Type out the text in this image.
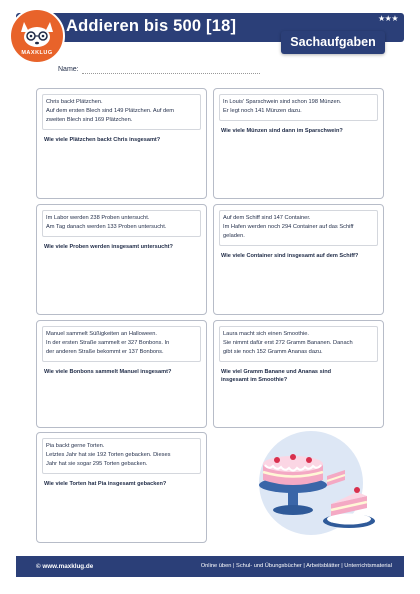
Addieren bis 500 [18]	★★★
Sachaufgaben
MAXKLUG
Name:
Chris backt Plätzchen.
Auf dem ersten Blech sind 149 Plätzchen. Auf dem
zweiten Blech sind 169 Plätzchen.
Wie viele Plätzchen backt Chris insgesamt?
In Louis' Sparschwein sind schon 198 Münzen.
Er legt noch 141 Münzen dazu.
Wie viele Münzen sind dann im Sparschwein?
Im Labor werden 238 Proben untersucht.
Am Tag danach werden 133 Proben untersucht.
Wie viele Proben werden insgesamt untersucht?
Auf dem Schiff sind 147 Container.
Im Hafen werden noch 294 Container auf das Schiff
geladen.
Wie viele Container sind insgesamt auf dem Schiff?
Manuel sammelt Süßigkeiten an Halloween.
In der ersten Straße sammelt er 327 Bonbons. In
der anderen Straße bekommt er 137 Bonbons.
Wie viele Bonbons sammelt Manuel insgesamt?
Laura macht sich einen Smoothie.
Sie nimmt dafür erst 272 Gramm Bananen. Danach
gibt sie noch 152 Gramm Ananas dazu.
Wie viel Gramm Banane und Ananas sind
insgesamt im Smoothie?
Pia backt gerne Torten.
Letztes Jahr hat sie 192 Torten gebacken. Dieses
Jahr hat sie sogar 295 Torten gebacken.
Wie viele Torten hat Pia insgesamt gebacken?
© www.maxklug.de	Online üben | Schul- und Übungsbücher | Arbeitsblätter | Unterrichtsmaterial
